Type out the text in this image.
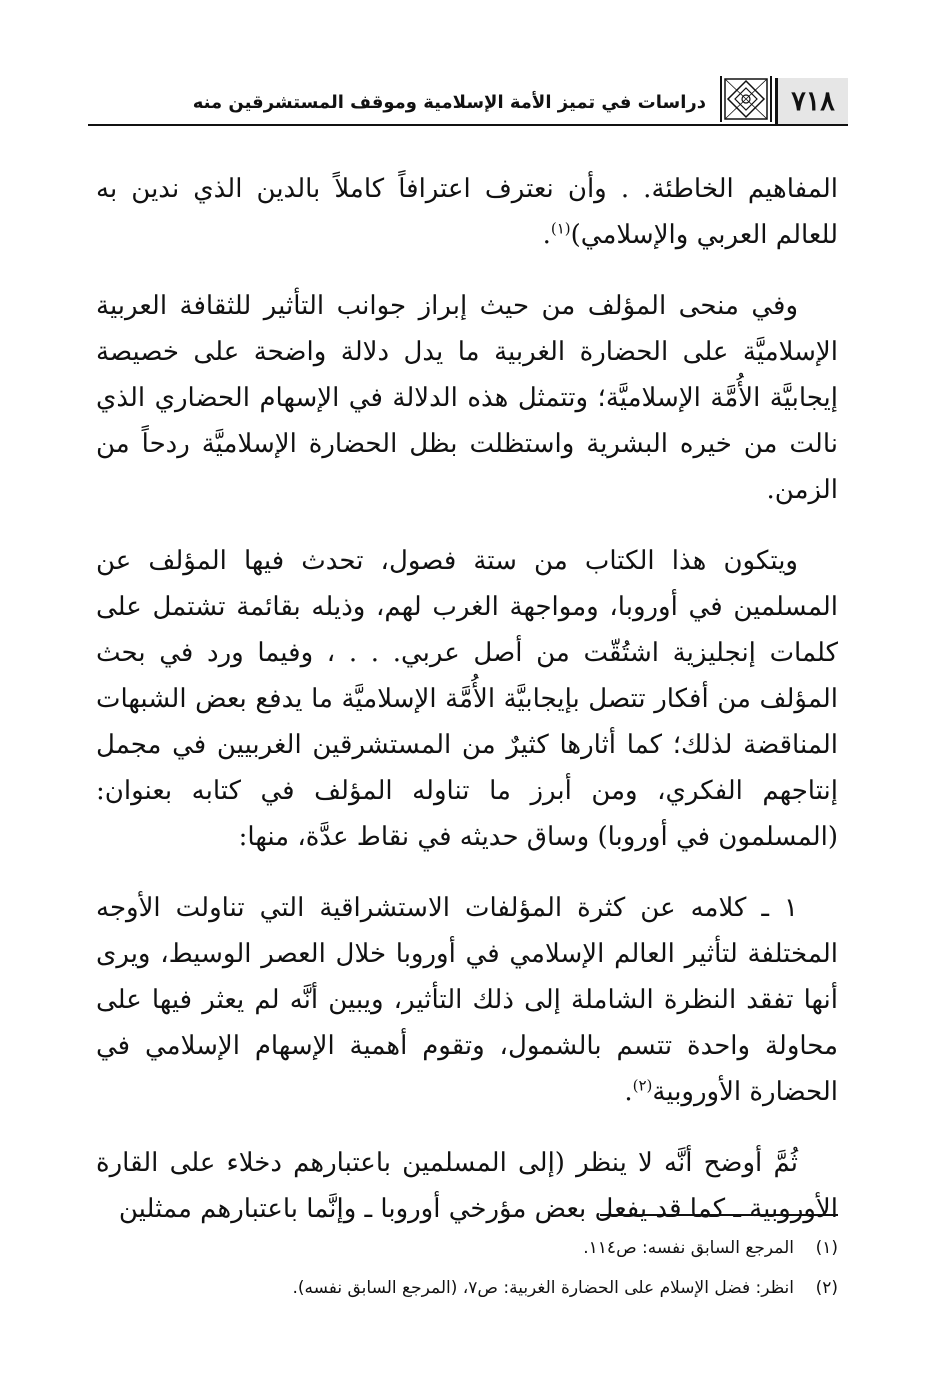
٧١٨
دراسات في تميز الأمة الإسلامية وموقف المستشرقين منه

المفاهيم الخاطئة. . وأن نعترف اعترافاً كاملاً بالدين الذي ندين به للعالم العربي والإسلامي)$^{(١)}$.

وفي منحى المؤلف من حيث إبراز جوانب التأثير للثقافة العربية الإسلاميَّة على الحضارة الغربية ما يدل دلالة واضحة على خصيصة إيجابيَّة الأُمَّة الإسلاميَّة؛ وتتمثل هذه الدلالة في الإسهام الحضاري الذي نالت من خيره البشرية واستظلت بظل الحضارة الإسلاميَّة ردحاً من الزمن.

ويتكون هذا الكتاب من ستة فصول، تحدث فيها المؤلف عن المسلمين في أوروبا، ومواجهة الغرب لهم، وذيله بقائمة تشتمل على كلمات إنجليزية اشتُقّت من أصل عربي. . . ، وفيما ورد في بحث المؤلف من أفكار تتصل بإيجابيَّة الأُمَّة الإسلاميَّة ما يدفع بعض الشبهات المناقضة لذلك؛ كما أثارها كثيرٌ من المستشرقين الغربيين في مجمل إنتاجهم الفكري، ومن أبرز ما تناوله المؤلف في كتابه بعنوان: (المسلمون في أوروبا) وساق حديثه في نقاط عدَّة، منها:

١ ـ كلامه عن كثرة المؤلفات الاستشراقية التي تناولت الأوجه المختلفة لتأثير العالم الإسلامي في أوروبا خلال العصر الوسيط، ويرى أنها تفقد النظرة الشاملة إلى ذلك التأثير، ويبين أنَّه لم يعثر فيها على محاولة واحدة تتسم بالشمول، وتقوم أهمية الإسهام الإسلامي في الحضارة الأوروبية$^{(٢)}$.

ثُمَّ أوضح أنَّه لا ينظر (إلى المسلمين باعتبارهم دخلاء على القارة الأوروبية ـ كما قد يفعل بعض مؤرخي أوروبا ـ وإنَّما باعتبارهم ممثلين

(١)المرجع السابق نفسه: ص١١٤.
(٢)انظر: فضل الإسلام على الحضارة الغربية: ص٧، (المرجع السابق نفسه).
